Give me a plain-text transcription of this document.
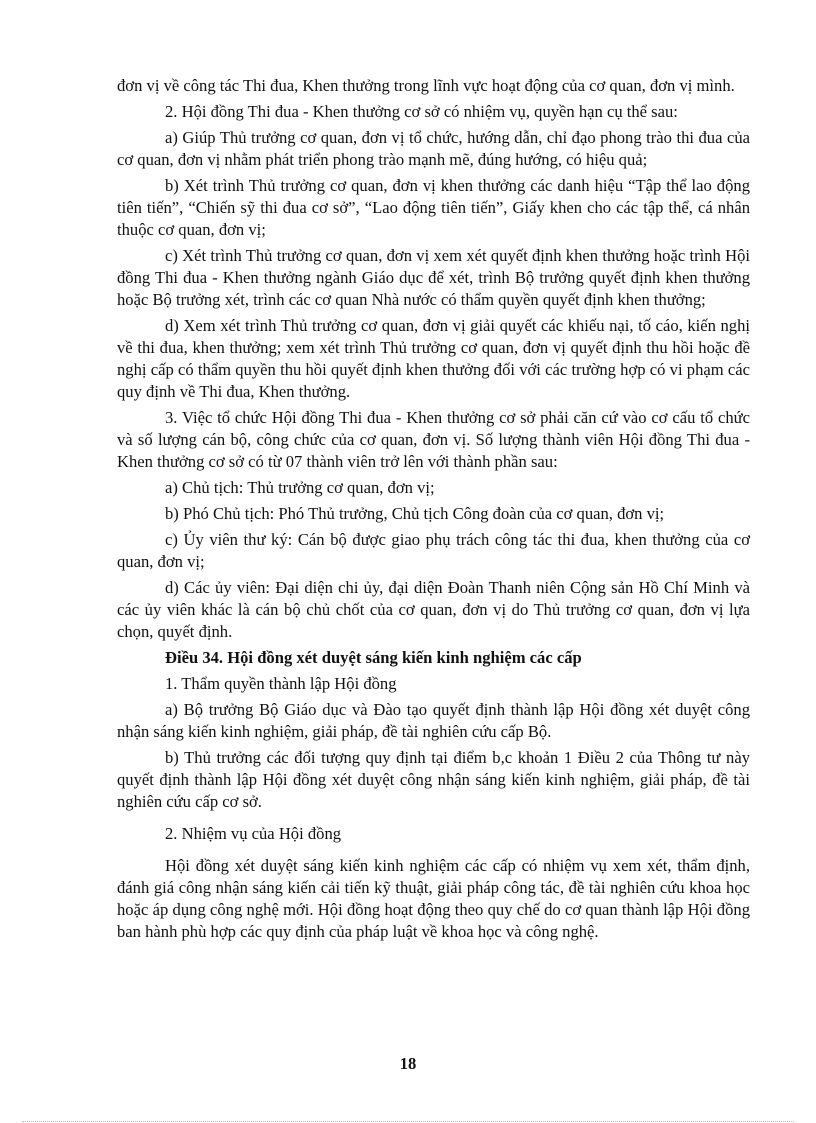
đơn vị về công tác Thi đua, Khen thưởng trong lĩnh vực hoạt động của cơ quan, đơn vị mình.

2. Hội đồng Thi đua - Khen thưởng cơ sở có nhiệm vụ, quyền hạn cụ thể sau:

a) Giúp Thủ trưởng cơ quan, đơn vị tổ chức, hướng dẫn, chỉ đạo phong trào thi đua của cơ quan, đơn vị nhằm phát triển phong trào mạnh mẽ, đúng hướng, có hiệu quả;

b) Xét trình Thủ trưởng cơ quan, đơn vị khen thưởng các danh hiệu “Tập thể lao động tiên tiến”, “Chiến sỹ thi đua cơ sở”, “Lao động tiên tiến”, Giấy khen cho các tập thể, cá nhân thuộc cơ quan, đơn vị;

c) Xét trình Thủ trưởng cơ quan, đơn vị xem xét quyết định khen thưởng hoặc trình Hội đồng Thi đua - Khen thưởng ngành Giáo dục để xét, trình Bộ trưởng quyết định khen thưởng hoặc Bộ trưởng xét, trình các cơ quan Nhà nước có thẩm quyền quyết định khen thưởng;

d) Xem xét trình Thủ trưởng cơ quan, đơn vị giải quyết các khiếu nại, tố cáo, kiến nghị về thi đua, khen thưởng; xem xét trình Thủ trưởng cơ quan, đơn vị quyết định thu hồi hoặc đề nghị cấp có thẩm quyền thu hồi quyết định khen thưởng đối với các trường hợp có vi phạm các quy định về Thi đua, Khen thưởng.

3. Việc tổ chức Hội đồng Thi đua - Khen thưởng cơ sở phải căn cứ vào cơ cấu tổ chức và số lượng cán bộ, công chức của cơ quan, đơn vị. Số lượng thành viên Hội đồng Thi đua - Khen thưởng cơ sở có từ 07 thành viên trở lên với thành phần sau:

a) Chủ tịch: Thủ trưởng cơ quan, đơn vị;

b) Phó Chủ tịch: Phó Thủ trưởng, Chủ tịch Công đoàn của cơ quan, đơn vị;

c) Ủy viên thư ký: Cán bộ được giao phụ trách công tác thi đua, khen thưởng của cơ quan, đơn vị;

d) Các ủy viên: Đại diện chi ủy, đại diện Đoàn Thanh niên Cộng sản Hồ Chí Minh và các ủy viên khác là cán bộ chủ chốt của cơ quan, đơn vị do Thủ trưởng cơ quan, đơn vị lựa chọn, quyết định.

Điều 34. Hội đồng xét duyệt sáng kiến kinh nghiệm các cấp

1. Thẩm quyền thành lập Hội đồng

a) Bộ trưởng Bộ Giáo dục và Đào tạo quyết định thành lập Hội đồng xét duyệt công nhận sáng kiến kinh nghiệm, giải pháp, đề tài nghiên cứu cấp Bộ.

b) Thủ trưởng các đối tượng quy định tại điểm b,c khoản 1 Điều 2 của Thông tư này quyết định thành lập Hội đồng xét duyệt công nhận sáng kiến kinh nghiệm, giải pháp, đề tài nghiên cứu cấp cơ sở.

2. Nhiệm vụ của Hội đồng

Hội đồng xét duyệt sáng kiến kinh nghiệm các cấp có nhiệm vụ xem xét, thẩm định, đánh giá công nhận sáng kiến cải tiến kỹ thuật, giải pháp công tác, đề tài nghiên cứu khoa học hoặc áp dụng công nghệ mới. Hội đồng hoạt động theo quy chế do cơ quan thành lập Hội đồng ban hành phù hợp các quy định của pháp luật về khoa học và công nghệ.

18
